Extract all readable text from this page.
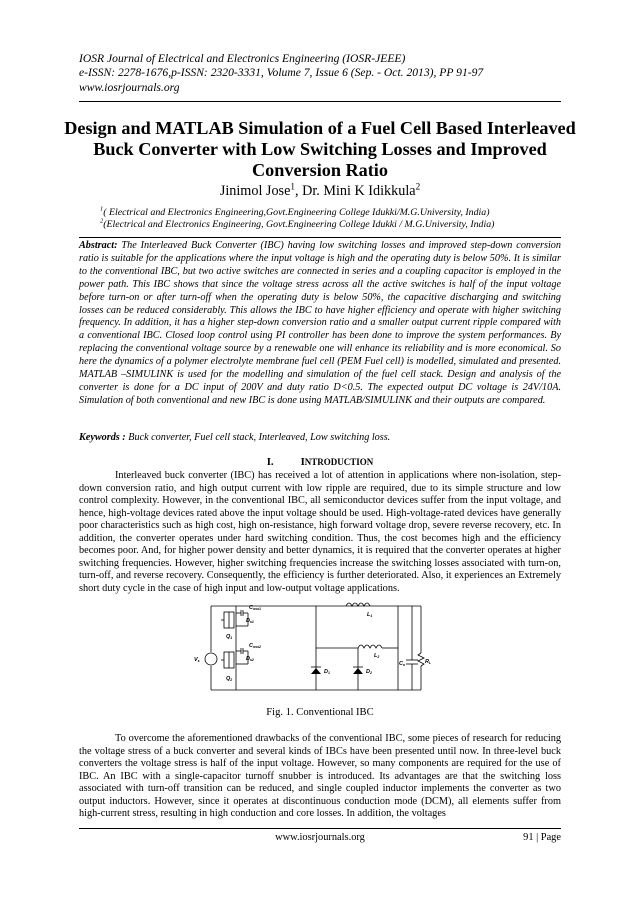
IOSR Journal of Electrical and Electronics Engineering (IOSR-JEEE)
e-ISSN: 2278-1676,p-ISSN: 2320-3331, Volume 7, Issue 6 (Sep. - Oct. 2013), PP 91-97
www.iosrjournals.org
Design and MATLAB Simulation of a Fuel Cell Based Interleaved Buck Converter with Low Switching Losses and Improved Conversion Ratio
Jinimol Jose$^1$, Dr. Mini K Idikkula$^2$
$^1$( Electrical and Electronics Engineering,Govt.Engineering College Idukki/M.G.University, India)
$^2$(Electrical and Electronics Engineering, Govt.Engineering College Idukki / M.G.University, India)
Abstract: The Interleaved Buck Converter (IBC) having low switching losses and improved step-down conversion ratio is suitable for the applications where the input voltage is high and the operating duty is below 50%. It is similar to the conventional IBC, but two active switches are connected in series and a coupling capacitor is employed in the power path. This IBC shows that since the voltage stress across all the active switches is half of the input voltage before turn-on or after turn-off when the operating duty is below 50%, the capacitive discharging and switching losses can be reduced considerably. This allows the IBC to have higher efficiency and operate with higher switching frequency. In addition, it has a higher step-down conversion ratio and a smaller output current ripple compared with a conventional IBC. Closed loop control using PI controller has been done to improve the system performances. By replacing the conventional voltage source by a renewable one will enhance its reliability and is more economical. So here the dynamics of a polymer electrolyte membrane fuel cell (PEM Fuel cell) is modelled, simulated and presented. MATLAB –SIMULINK is used for the modelling and simulation of the fuel cell stack. Design and analysis of the converter is done for a DC input of 200V and duty ratio D<0.5. The expected output DC voltage is 24V/10A. Simulation of both conventional and new IBC is done using MATLAB/SIMULINK and their outputs are compared.
Keywords : Buck converter, Fuel cell stack, Interleaved, Low switching loss.
I.	INTRODUCTION
Interleaved buck converter (IBC) has received a lot of attention in applications where non-isolation, step-down conversion ratio, and high output current with low ripple are required, due to its simple structure and low control complexity. However, in the conventional IBC, all semiconductor devices suffer from the input voltage, and hence, high-voltage devices rated above the input voltage should be used. High-voltage-rated devices have generally poor characteristics such as high cost, high on-resistance, high forward voltage drop, severe reverse recovery, etc. In addition, the converter operates under hard switching condition. Thus, the cost becomes high and the efficiency becomes poor. And, for higher power density and better dynamics, it is required that the converter operates at higher switching frequencies. However, higher switching frequencies increase the switching losses associated with turn-on, turn-off, and reverse recovery. Consequently, the efficiency is further deteriorated. Also, it experiences an Extremely short duty cycle in the case of high input and low-output voltage applications.
Coss1
Ds1
Q1
Coss2
Ds2
Q2
Vs
L1
L2
D1	D2
Co	RL
Fig. 1. Conventional IBC
To overcome the aforementioned drawbacks of the conventional IBC, some pieces of research for reducing the voltage stress of a buck converter and several kinds of IBCs have been presented until now. In three-level buck converters the voltage stress is half of the input voltage. However, so many components are required for the use of IBC. An IBC with a single-capacitor turnoff snubber is introduced. Its advantages are that the switching loss associated with turn-off transition can be reduced, and single coupled inductor implements the converter as two output inductors. However, since it operates at discontinuous conduction mode (DCM), all elements suffer from high-current stress, resulting in high conduction and core losses. In addition, the voltages
www.iosrjournals.org	91 | Page
